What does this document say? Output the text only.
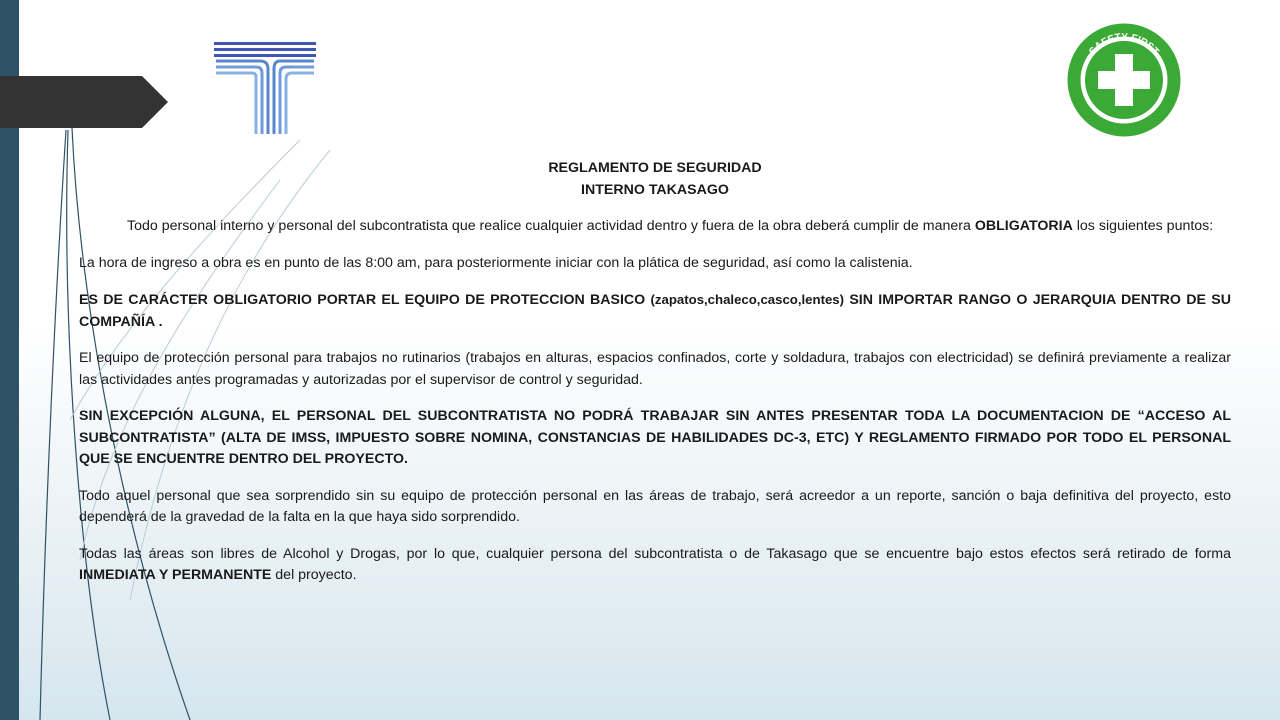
SAFETY FIRST

REGLAMENTO DE SEGURIDAD

INTERNO TAKASAGO

Todo personal interno y personal del subcontratista que realice cualquier actividad dentro y fuera de la obra deberá cumplir de manera OBLIGATORIA los siguientes puntos:

La hora de ingreso a obra es en punto de las 8:00 am, para posteriormente iniciar con la plática de seguridad, así como la calistenia.

ES DE CARÁCTER OBLIGATORIO PORTAR EL EQUIPO DE PROTECCION BASICO (zapatos,chaleco,casco,lentes) SIN IMPORTAR RANGO O JERARQUIA DENTRO DE SU COMPAÑÍA .

El equipo de protección personal para trabajos no rutinarios (trabajos en alturas, espacios confinados, corte y soldadura, trabajos con electricidad) se definirá previamente a realizar las actividades antes programadas y autorizadas por el supervisor de control y seguridad.

SIN EXCEPCIÓN ALGUNA, EL PERSONAL DEL SUBCONTRATISTA NO PODRÁ TRABAJAR SIN ANTES PRESENTAR TODA LA DOCUMENTACION DE “ACCESO AL SUBCONTRATISTA” (ALTA DE IMSS, IMPUESTO SOBRE NOMINA, CONSTANCIAS DE HABILIDADES DC-3, ETC) Y REGLAMENTO FIRMADO POR TODO EL PERSONAL QUE SE ENCUENTRE DENTRO DEL PROYECTO.

Todo aquel personal que sea sorprendido sin su equipo de protección personal en las áreas de trabajo, será acreedor a un reporte, sanción o baja definitiva del proyecto, esto dependerá de la gravedad de la falta en la que haya sido sorprendido.

Todas las áreas son libres de Alcohol y Drogas, por lo que, cualquier persona del subcontratista o de Takasago que se encuentre bajo estos efectos será retirado de forma INMEDIATA Y PERMANENTE del proyecto.
